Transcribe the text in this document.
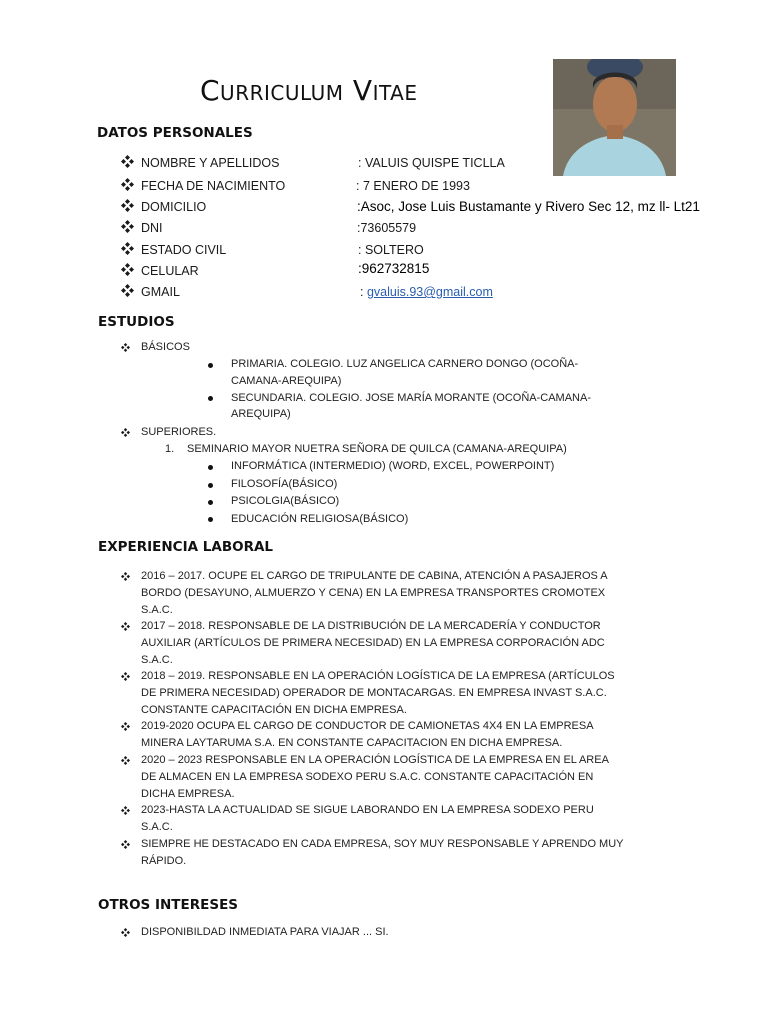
Curriculum Vitae
DATOS PERSONALES
NOMBRE Y APELLIDOS	: VALUIS QUISPE TICLLA
FECHA DE NACIMIENTO	: 7 ENERO DE 1993
DOMICILIO	:Asoc, Jose Luis Bustamante y Rivero Sec 12, mz ll- Lt21
DNI	:73605579
ESTADO CIVIL	: SOLTERO
CELULAR	:962732815
GMAIL	: gvaluis.93@gmail.com
ESTUDIOS
BÁSICOS
PRIMARIA. COLEGIO. LUZ ANGELICA CARNERO DONGO (OCOÑA-
CAMANA-AREQUIPA)
SECUNDARIA. COLEGIO. JOSE MARÍA MORANTE (OCOÑA-CAMANA-
AREQUIPA)
SUPERIORES.
1. SEMINARIO MAYOR NUETRA SEÑORA DE QUILCA (CAMANA-AREQUIPA)
INFORMÁTICA (INTERMEDIO) (WORD, EXCEL, POWERPOINT)
FILOSOFÍA(BÁSICO)
PSICOLGIA(BÁSICO)
EDUCACIÓN RELIGIOSA(BÁSICO)
EXPERIENCIA LABORAL

2016 – 2017. OCUPE EL CARGO DE TRIPULANTE DE CABINA, ATENCIÓN A PASAJEROS A

BORDO (DESAYUNO, ALMUERZO Y CENA) EN LA EMPRESA TRANSPORTES CROMOTEX

S.A.C.

2017 – 2018. RESPONSABLE DE LA DISTRIBUCIÓN DE LA MERCADERÍA Y CONDUCTOR

AUXILIAR (ARTÍCULOS DE PRIMERA NECESIDAD) EN LA EMPRESA CORPORACIÓN ADC

S.A.C.

2018 – 2019. RESPONSABLE EN LA OPERACIÓN LOGÍSTICA DE LA EMPRESA (ARTÍCULOS

DE PRIMERA NECESIDAD) OPERADOR DE MONTACARGAS. EN EMPRESA INVAST S.A.C.

CONSTANTE CAPACITACIÓN EN DICHA EMPRESA.

2019-2020 OCUPA EL CARGO DE CONDUCTOR DE CAMIONETAS 4X4 EN LA EMPRESA

MINERA LAYTARUMA S.A. EN CONSTANTE CAPACITACION EN DICHA EMPRESA.

2020 – 2023 RESPONSABLE EN LA OPERACIÓN LOGÍSTICA DE LA EMPRESA EN EL AREA

DE ALMACEN EN LA EMPRESA SODEXO PERU S.A.C. CONSTANTE CAPACITACIÓN EN

DICHA EMPRESA.

2023-HASTA LA ACTUALIDAD SE SIGUE LABORANDO EN LA EMPRESA SODEXO PERU

S.A.C.

SIEMPRE HE DESTACADO EN CADA EMPRESA, SOY MUY RESPONSABLE Y APRENDO MUY

RÁPIDO.

OTROS INTERESES
DISPONIBILDAD INMEDIATA PARA VIAJAR ... SI.
